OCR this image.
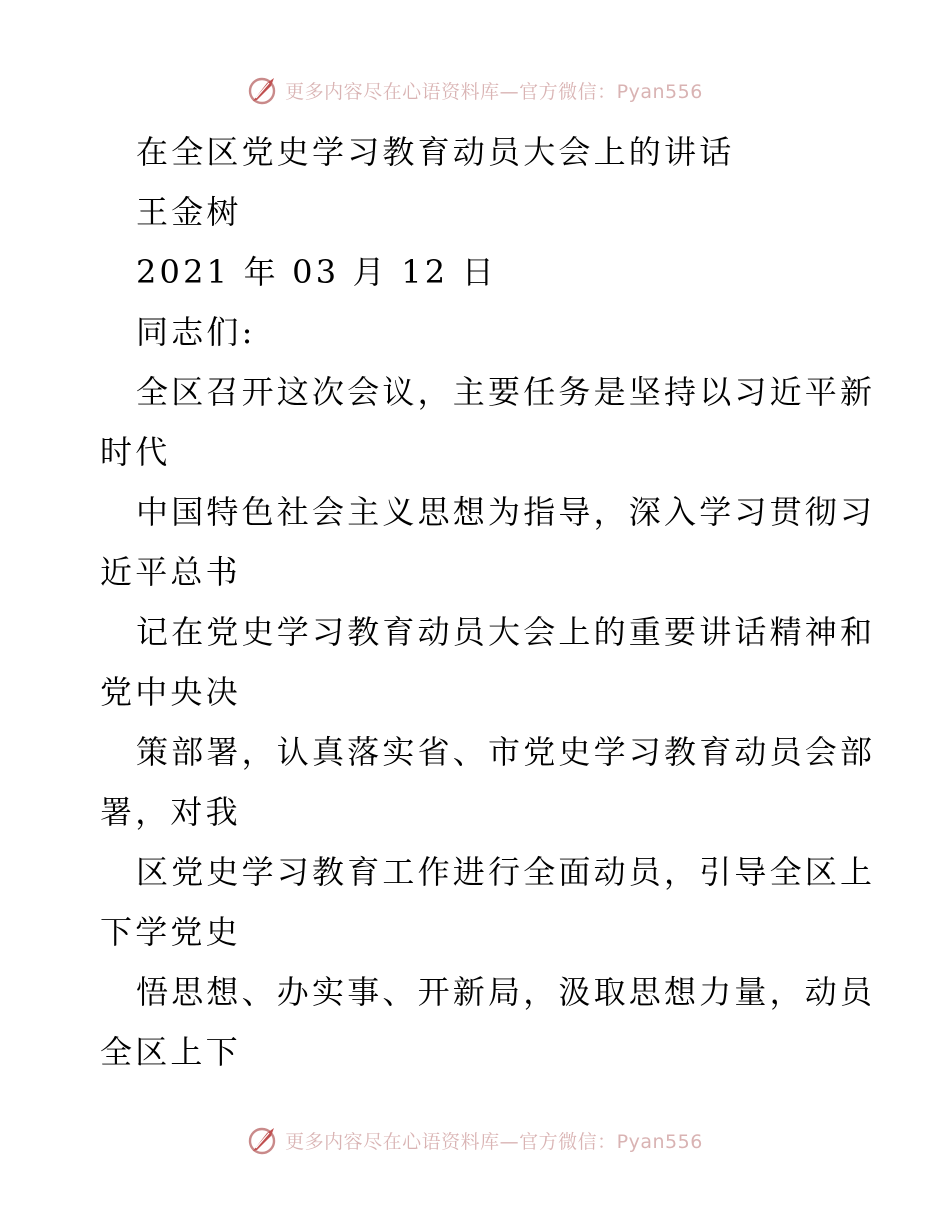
更多内容尽在心语资料库—官方微信：Pyan556
在全区党史学习教育动员大会上的讲话
王金树
2021 年 03 月 12 日
同志们:
全区召开这次会议，主要任务是坚持以习近平新
时代
中国特色社会主义思想为指导，深入学习贯彻习
近平总书
记在党史学习教育动员大会上的重要讲话精神和
党中央决
策部署，认真落实省、市党史学习教育动员会部
署，对我
区党史学习教育工作进行全面动员，引导全区上
下学党史
悟思想、办实事、开新局，汲取思想力量，动员
全区上下
更多内容尽在心语资料库—官方微信：Pyan556
